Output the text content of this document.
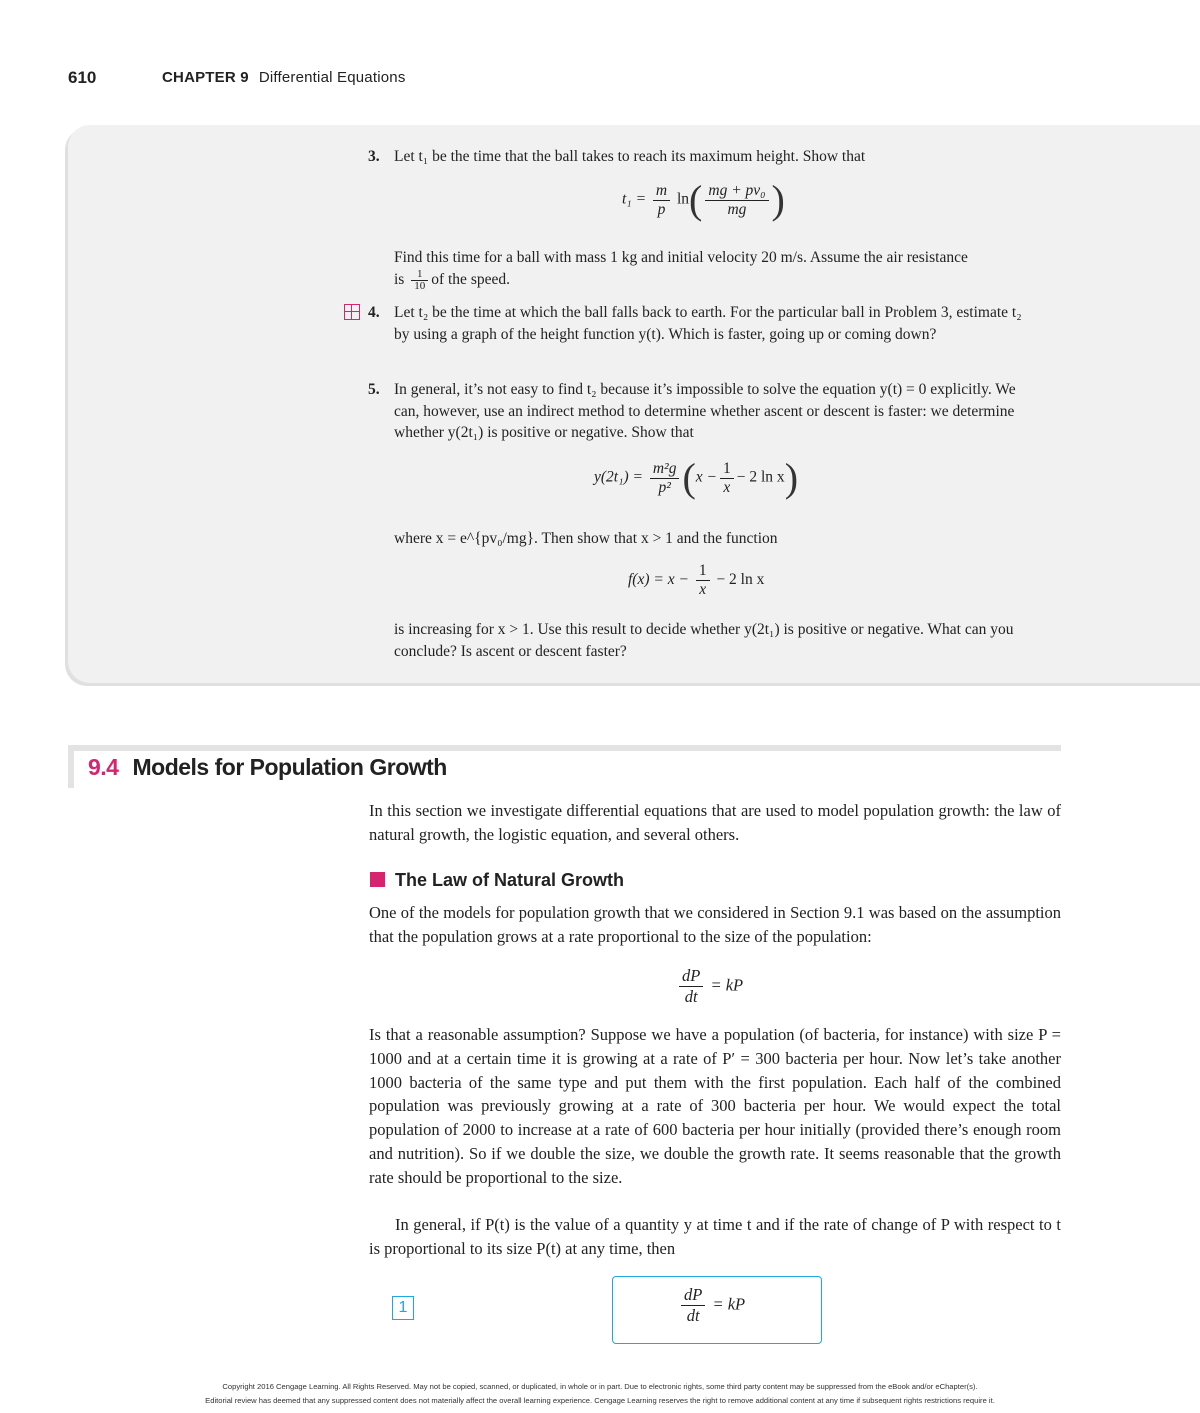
610	CHAPTER 9 Differential Equations
3. Let t₁ be the time that the ball takes to reach its maximum height. Show that
$t_1 = \frac{m}{p} \ln( \frac{\text{mg + pv₀}}{mg}$ )
Find this time for a ball with mass 1 kg and initial velocity 20 m/s. Assume the air resistance
is $\frac{1}{10}$ of the speed.
4. Let t₂ be the time at which the ball falls back to earth. For the particular ball in Problem 3, estimate t₂ by using a graph of the height function y(t). Which is faster, going up or coming down?
5. In general, it’s not easy to find t₂ because it’s impossible to solve the equation y(t) = 0 explicitly. We can, however, use an indirect method to determine whether ascent or descent is faster: we determine whether y(2t₁) is positive or negative. Show that
$y(2t_1) = \frac{\text{m²g}}{\text{p²}} (x - \frac{1}{x} - 2$ ln x)
where x = e^{pv₀/mg}. Then show that x > 1 and the function
$f(x) = x - \frac{1}{x} - 2$ ln x
is increasing for x > 1. Use this result to decide whether y(2t₁) is positive or negative. What can you conclude? Is ascent or descent faster?
9.4 Models for Population Growth
In this section we investigate differential equations that are used to model population growth: the law of natural growth, the logistic equation, and several others.
The Law of Natural Growth
One of the models for population growth that we considered in Section 9.1 was based on the assumption that the population grows at a rate proportional to the size of the population:
$\frac{dP}{dt}$ = kP
Is that a reasonable assumption? Suppose we have a population (of bacteria, for instance) with size P = 1000 and at a certain time it is growing at a rate of P′ = 300 bacteria per hour. Now let’s take another 1000 bacteria of the same type and put them with the first population. Each half of the combined population was previously growing at a rate of 300 bacteria per hour. We would expect the total population of 2000 to increase at a rate of 600 bacteria per hour initially (provided there’s enough room and nutrition). So if we double the size, we double the growth rate. It seems reasonable that the growth rate should be proportional to the size.
In general, if P(t) is the value of a quantity y at time t and if the rate of change of P with respect to t is proportional to its size P(t) at any time, then
1	$\frac{dP}{dt}$ = kP
Copyright 2016 Cengage Learning. All Rights Reserved. May not be copied, scanned, or duplicated, in whole or in part. Due to electronic rights, some third party content may be suppressed from the eBook and/or eChapter(s).
Editorial review has deemed that any suppressed content does not materially affect the overall learning experience. Cengage Learning reserves the right to remove additional content at any time if subsequent rights restrictions require it.
